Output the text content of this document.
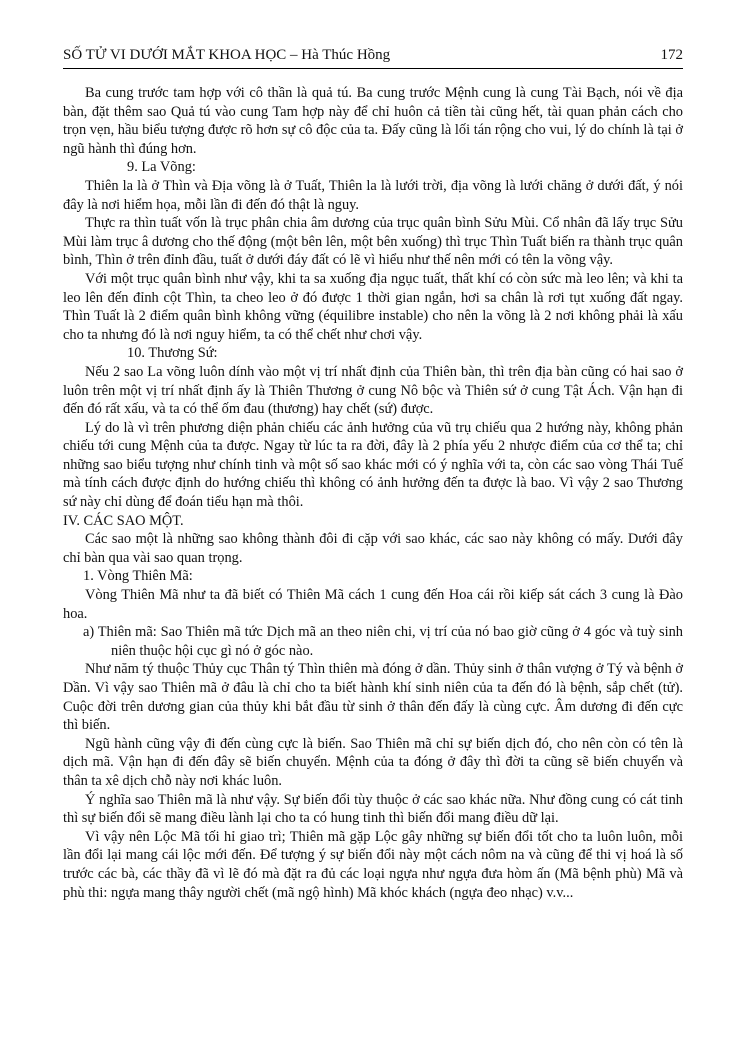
SỐ TỬ VI DƯỚI MẮT KHOA HỌC – Hà Thúc Hồng	172

Ba cung trước tam hợp với cô thần là quả tú. Ba cung trước Mệnh cung là cung Tài Bạch, nói về địa bàn, đặt thêm sao Quả tú vào cung Tam hợp này để chỉ huôn cả tiền tài cũng hết, tài quan phản cách cho trọn vẹn, hầu biểu tượng được rõ hơn sự cô độc của ta. Đấy cũng là lối tán rộng cho vui, lý do chính là tại ở ngũ hành thì đúng hơn.

9. La Võng:

Thiên la là ở Thìn và Địa võng là ở Tuất, Thiên la là lưới trời, địa võng là lưới chăng ở dưới đất, ý nói đây là nơi hiểm họa, mỗi lần đi đến đó thật là nguy.

Thực ra thìn tuất vốn là trục phân chia âm dương của trục quân bình Sửu Mùi. Cổ nhân đã lấy trục Sửu Mùi làm trục â dương cho thế động (một bên lên, một bên xuống) thì trục Thìn Tuất biến ra thành trục quân bình, Thìn ở trên đỉnh đầu, tuất ở dưới đáy đất có lẽ vì hiểu như thế nên mới có tên la võng vậy.

Với một trục quân bình như vậy, khi ta sa xuống địa ngục tuất, thất khí có còn sức mà leo lên; và khi ta leo lên đến đỉnh cột Thìn, ta cheo leo ở đó được 1 thời gian ngắn, hơi sa chân là rơi tụt xuống đất ngay. Thìn Tuất là 2 điểm quân bình không vững (équilibre instable) cho nên la võng là 2 nơi không phải là xấu cho ta nhưng đó là nơi nguy hiểm, ta có thể chết như chơi vậy.

10. Thương Sứ:

Nếu 2 sao La võng luôn dính vào một vị trí nhất định của Thiên bàn, thì trên địa bàn cũng có hai sao ở luôn trên một vị trí nhất định ấy là Thiên Thương ở cung Nô bộc và Thiên sứ ở cung Tật Ách. Vận hạn đi đến đó rất xấu, và ta có thể ốm đau (thương) hay chết (sứ) được.

Lý do là vì trên phương diện phản chiếu các ảnh hưởng của vũ trụ chiếu qua 2 hướng này, không phản chiếu tới cung Mệnh của ta được. Ngay từ lúc ta ra đời, đây là 2 phía yếu 2 nhược điểm của cơ thể ta; chỉ những sao biểu tượng như chính tinh và một số sao khác mới có ý nghĩa với ta, còn các sao vòng Thái Tuế mà tính cách được định do hướng chiếu thì không có ảnh hưởng đến ta được là bao. Vì vậy 2 sao Thương sứ này chỉ dùng để đoán tiểu hạn mà thôi.

IV. CÁC SAO MỘT.

Các sao một là những sao không thành đôi đi cặp với sao khác, các sao này không có mấy. Dưới đây chỉ bàn qua vài sao quan trọng.

1. Vòng Thiên Mã:

Vòng Thiên Mã như ta đã biết có Thiên Mã cách 1 cung đến Hoa cái rồi kiếp sát cách 3 cung là Đào hoa.

a) Thiên mã: Sao Thiên mã tức Dịch mã an theo niên chi, vị trí của nó bao giờ cũng ở 4 góc và tuỳ sinh niên thuộc hội cục gì nó ở góc nào.

Như năm tý thuộc Thủy cục Thân tý Thìn thiên mà đóng ở dần. Thủy sinh ở thân vượng ở Tý và bệnh ở Dần. Vì vậy sao Thiên mã ở đâu là chỉ cho ta biết hành khí sinh niên của ta đến đó là bệnh, sắp chết (tử). Cuộc đời trên dương gian của thủy khi bắt đầu từ sinh ở thân đến đấy là cùng cực. Âm dương đi đến cực thì biến.

Ngũ hành cũng vậy đi đến cùng cực là biến. Sao Thiên mã chỉ sự biến dịch đó, cho nên còn có tên là dịch mã. Vận hạn đi đến đây sẽ biến chuyển. Mệnh của ta đóng ở đây thì đời ta cũng sẽ biến chuyển và thân ta xê dịch chỗ này nơi khác luôn.

Ý nghĩa sao Thiên mã là như vậy. Sự biến đổi tùy thuộc ở các sao khác nữa. Như đồng cung có cát tinh thì sự biến đổi sẽ mang điều lành lại cho ta có hung tinh thì biến đổi mang điều dữ lại.

Vì vậy nên Lộc Mã tối hỉ giao trì; Thiên mã gặp Lộc gây những sự biến đổi tốt cho ta luôn luôn, mỗi lần đổi lại mang cái lộc mới đến. Để tượng ý sự biến đổi này một cách nôm na và cũng để thi vị hoá là số trước các bà, các thầy đã vì lẽ đó mà đặt ra đủ các loại ngựa như ngựa đưa hòm ấn (Mã bệnh phù) Mã và phù thi: ngựa mang thây người chết (mã ngộ hình) Mã khóc khách (ngựa đeo nhạc) v.v...
